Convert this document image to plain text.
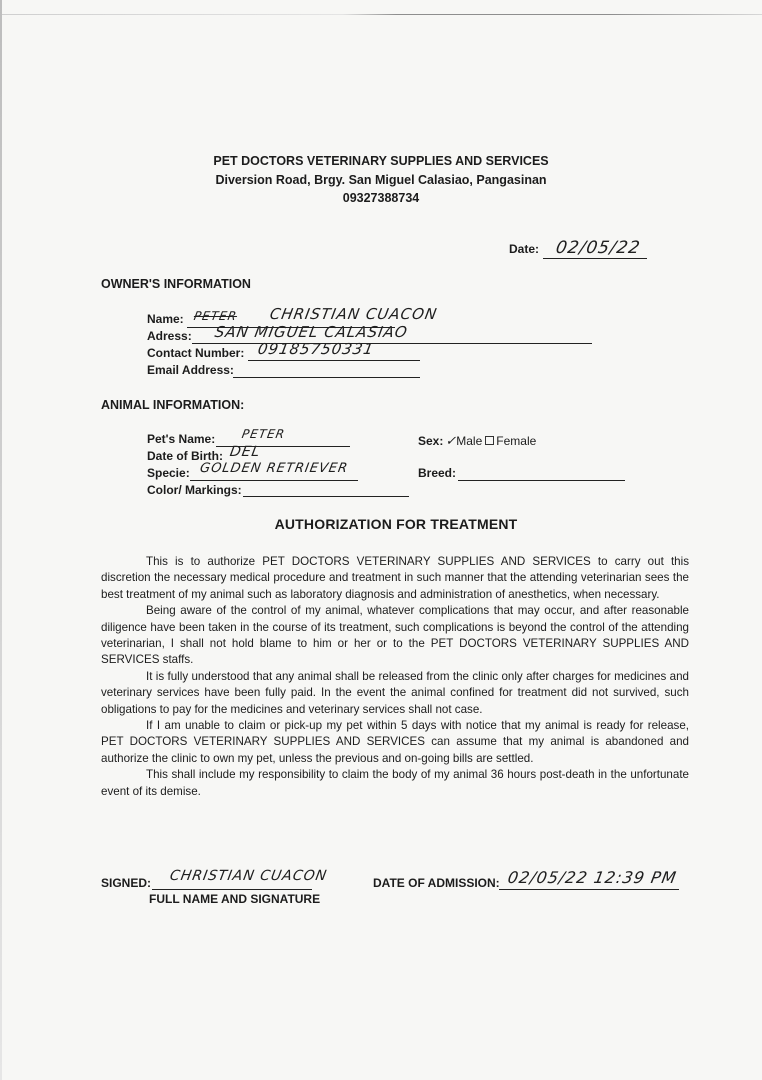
PET DOCTORS VETERINARY SUPPLIES AND SERVICES
Diversion Road, Brgy. San Miguel Calasiao, Pangasinan
09327388734
Date: 02/05/22
OWNER'S INFORMATION
Name: PETER CHRISTIAN CUACON
Adress: SAN MIGUEL CALASIAO
Contact Number: 09185750331
Email Address:
ANIMAL INFORMATION:
Pet's Name: PETER
Date of Birth: DEL
Specie: GOLDEN RETRIEVER
Color/ Markings:
Sex: ✓Male Female
Breed:
AUTHORIZATION FOR TREATMENT

This is to authorize PET DOCTORS VETERINARY SUPPLIES AND SERVICES to carry out this discretion the necessary medical procedure and treatment in such manner that the attending veterinarian sees the best treatment of my animal such as laboratory diagnosis and administration of anesthetics, when necessary.

Being aware of the control of my animal, whatever complications that may occur, and after reasonable diligence have been taken in the course of its treatment, such complications is beyond the control of the attending veterinarian, I shall not hold blame to him or her or to the PET DOCTORS VETERINARY SUPPLIES AND SERVICES staffs.

It is fully understood that any animal shall be released from the clinic only after charges for medicines and veterinary services have been fully paid. In the event the animal confined for treatment did not survived, such obligations to pay for the medicines and veterinary services shall not case.

If I am unable to claim or pick-up my pet within 5 days with notice that my animal is ready for release, PET DOCTORS VETERINARY SUPPLIES AND SERVICES can assume that my animal is abandoned and authorize the clinic to own my pet, unless the previous and on-going bills are settled.

This shall include my responsibility to claim the body of my animal 36 hours post-death in the unfortunate event of its demise.

SIGNED: CHRISTIAN CUACON
FULL NAME AND SIGNATURE
DATE OF ADMISSION: 02/05/22 12:39 PM
